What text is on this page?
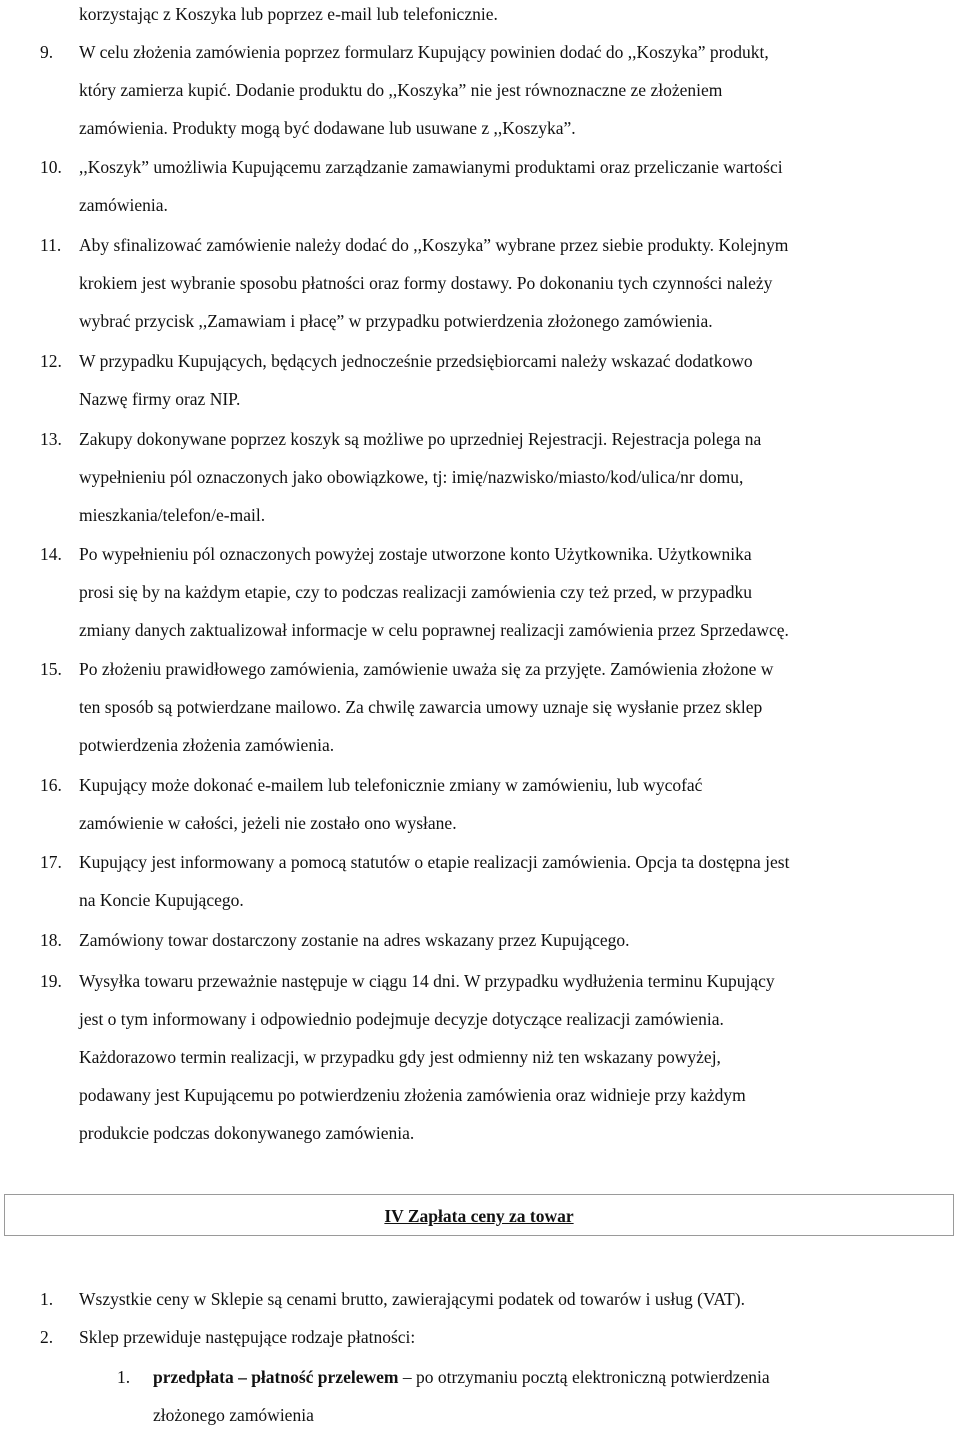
korzystając z Koszyka lub poprzez e-mail lub telefonicznie.
9. W celu złożenia zamówienia poprzez formularz Kupujący powinien dodać do ,,Koszyka” produkt,
który zamierza kupić. Dodanie produktu do ,,Koszyka” nie jest równoznaczne ze złożeniem
zamówienia. Produkty mogą być dodawane lub usuwane z ,,Koszyka”.
10. ,,Koszyk” umożliwia Kupującemu zarządzanie zamawianymi produktami oraz przeliczanie wartości
zamówienia.
11. Aby sfinalizować zamówienie należy dodać do ,,Koszyka” wybrane przez siebie produkty. Kolejnym
krokiem jest wybranie sposobu płatności oraz formy dostawy. Po dokonaniu tych czynności należy
wybrać przycisk ,,Zamawiam i płacę” w przypadku potwierdzenia złożonego zamówienia.
12. W przypadku Kupujących, będących jednocześnie przedsiębiorcami należy wskazać dodatkowo
Nazwę firmy oraz NIP.
13. Zakupy dokonywane poprzez koszyk są możliwe po uprzedniej Rejestracji. Rejestracja polega na
wypełnieniu pól oznaczonych jako obowiązkowe, tj: imię/nazwisko/miasto/kod/ulica/nr domu,
mieszkania/telefon/e-mail.
14. Po wypełnieniu pól oznaczonych powyżej zostaje utworzone konto Użytkownika. Użytkownika
prosi się by na każdym etapie, czy to podczas realizacji zamówienia czy też przed, w przypadku
zmiany danych zaktualizował informacje w celu poprawnej realizacji zamówienia przez Sprzedawcę.
15. Po złożeniu prawidłowego zamówienia, zamówienie uważa się za przyjęte. Zamówienia złożone w
ten sposób są potwierdzane mailowo. Za chwilę zawarcia umowy uznaje się wysłanie przez sklep
potwierdzenia złożenia zamówienia.
16. Kupujący może dokonać e-mailem lub telefonicznie zmiany w zamówieniu, lub wycofać
zamówienie w całości, jeżeli nie zostało ono wysłane.
17. Kupujący jest informowany a pomocą statutów o etapie realizacji zamówienia. Opcja ta dostępna jest
na Koncie Kupującego.
18. Zamówiony towar dostarczony zostanie na adres wskazany przez Kupującego.
19. Wysyłka towaru przeważnie następuje w ciągu 14 dni. W przypadku wydłużenia terminu Kupujący
jest o tym informowany i odpowiednio podejmuje decyzje dotyczące realizacji zamówienia.
Każdorazowo termin realizacji, w przypadku gdy jest odmienny niż ten wskazany powyżej,
podawany jest Kupującemu po potwierdzeniu złożenia zamówienia oraz widnieje przy każdym
produkcie podczas dokonywanego zamówienia.
IV Zapłata ceny za towar
1. Wszystkie ceny w Sklepie są cenami brutto, zawierającymi podatek od towarów i usług (VAT).
2. Sklep przewiduje następujące rodzaje płatności:
1. przedpłata – płatność przelewem – po otrzymaniu pocztą elektroniczną potwierdzenia
złożonego zamówienia
